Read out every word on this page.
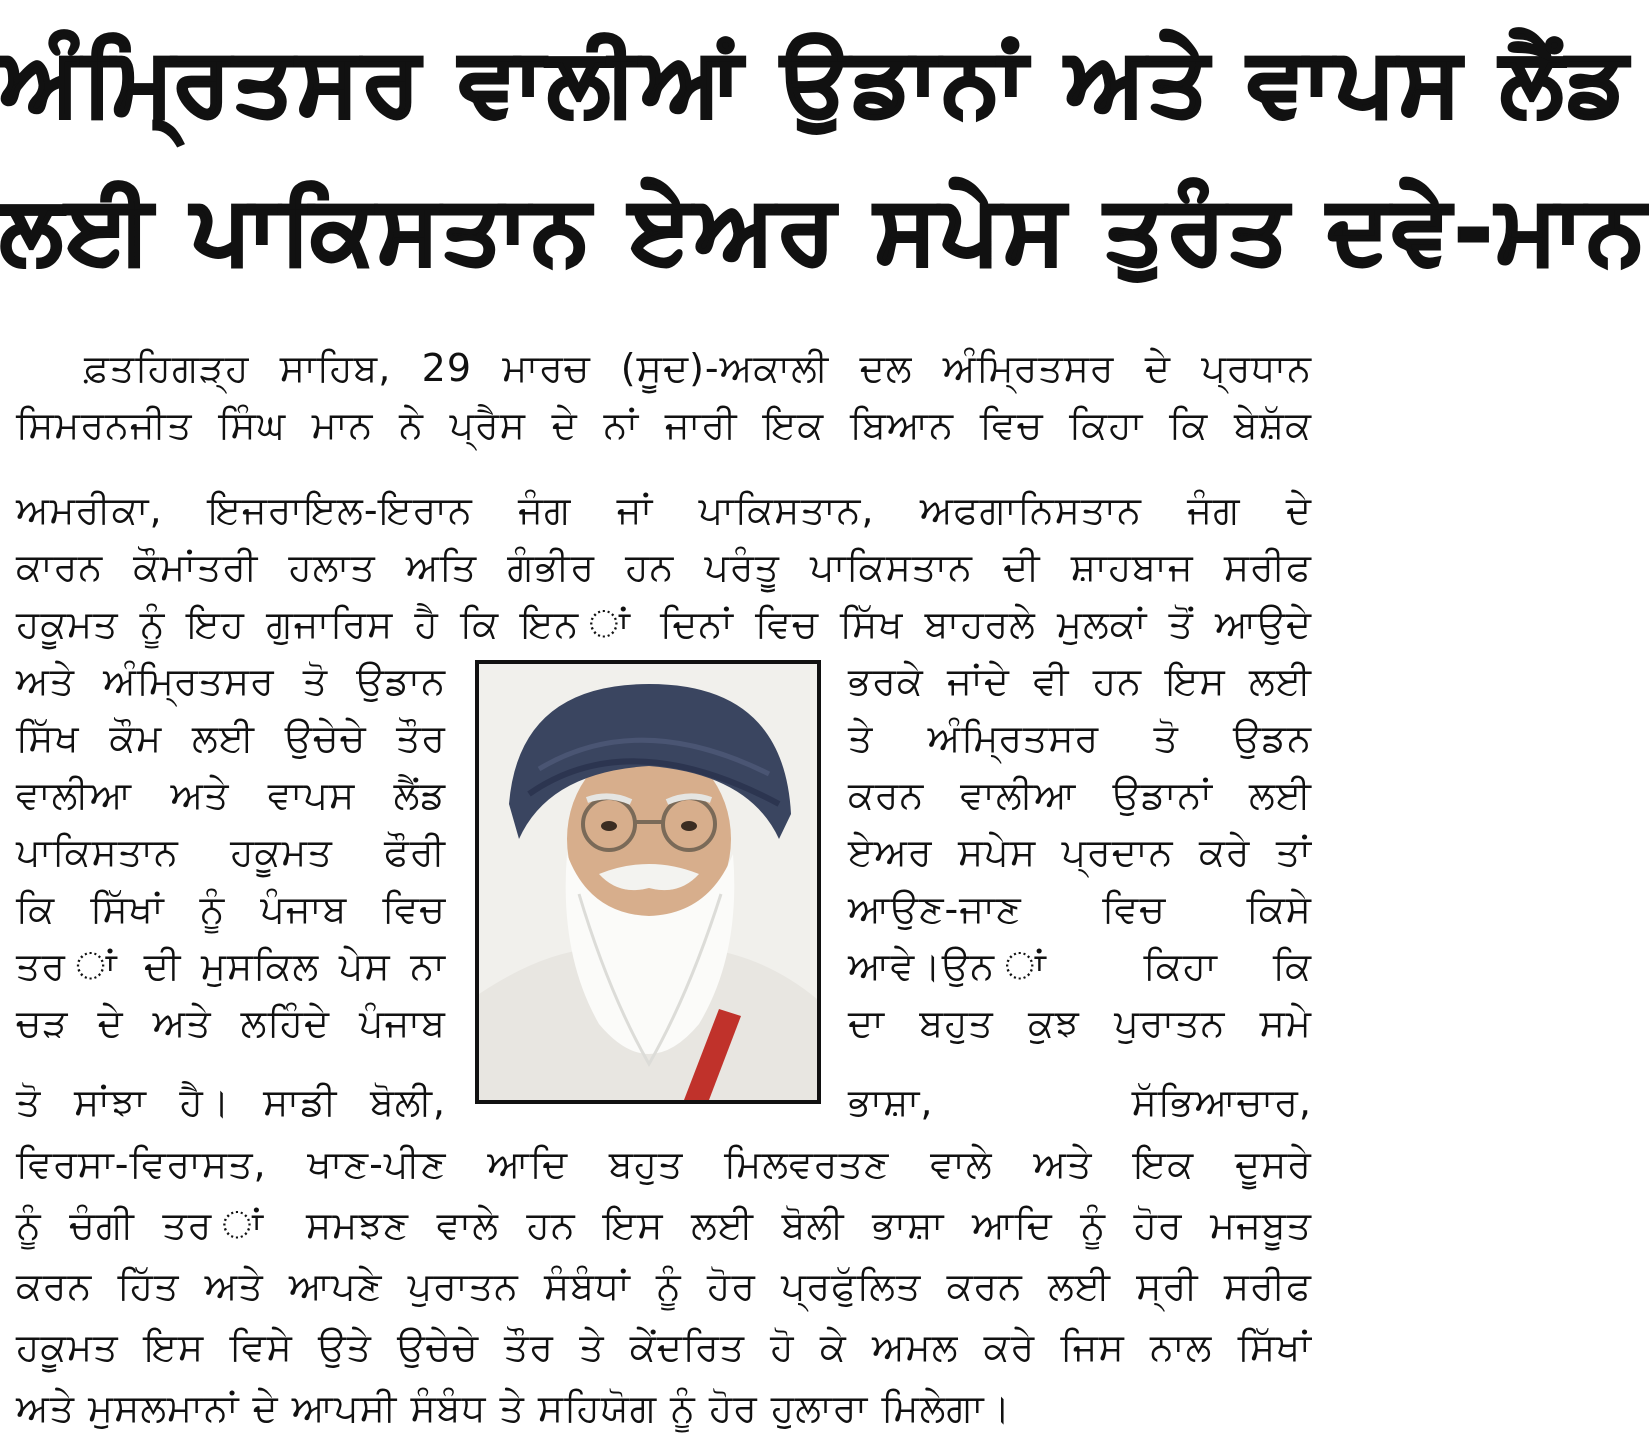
ਅੰਮ੍ਰਿਤਸਰ ਵਾਲੀਆਂ ਉਡਾਨਾਂ ਅਤੇ ਵਾਪਸ ਲੈਂਡ
ਲਈ ਪਾਕਿਸਤਾਨ ਏਅਰ ਸਪੇਸ ਤੁਰੰਤ ਦਵੇ-ਮਾਨ
ਫ਼ਤਹਿਗੜ੍ਹ ਸਾਹਿਬ, 29 ਮਾਰਚ (ਸੂਦ)-ਅਕਾਲੀ ਦਲ ਅੰਮ੍ਰਿਤਸਰ ਦੇ ਪ੍ਰਧਾਨ
ਸਿਮਰਨਜੀਤ ਸਿੰਘ ਮਾਨ ਨੇ ਪ੍ਰੈਸ ਦੇ ਨਾਂ ਜਾਰੀ ਇਕ ਬਿਆਨ ਵਿਚ ਕਿਹਾ ਕਿ ਬੇਸ਼ੱਕ
ਅਮਰੀਕਾ, ਇਜਰਾਇਲ-ਇਰਾਨ ਜੰਗ ਜਾਂ ਪਾਕਿਸਤਾਨ, ਅਫਗਾਨਿਸਤਾਨ ਜੰਗ ਦੇ
ਕਾਰਨ ਕੌਮਾਂਤਰੀ ਹਲਾਤ ਅਤਿ ਗੰਭੀਰ ਹਨ ਪਰੰਤੂ ਪਾਕਿਸਤਾਨ ਦੀ ਸ਼ਾਹਬਾਜ ਸਰੀਫ
ਹਕੂਮਤ ਨੂੰ ਇਹ ਗੁਜਾਰਿਸ ਹੈ ਕਿ ਇਨ ਾਂ ਦਿਨਾਂ ਵਿਚ ਸਿੱਖ ਬਾਹਰਲੇ ਮੁਲਕਾਂ ਤੋਂ ਆਉਦੇ
ਅਤੇ ਅੰਮ੍ਰਿਤਸਰ ਤੋ ਉਡਾਨ
ਸਿੱਖ ਕੌਮ ਲਈ ਉਚੇਚੇ ਤੌਰ
ਵਾਲੀਆ ਅਤੇ ਵਾਪਸ ਲੈਂਡ
ਪਾਕਿਸਤਾਨ ਹਕੂਮਤ ਫੌਰੀ
ਕਿ ਸਿੱਖਾਂ ਨੂੰ ਪੰਜਾਬ ਵਿਚ
ਤਰ ਾਂ ਦੀ ਮੁਸਕਿਲ ਪੇਸ ਨਾ
ਚੜ ਦੇ ਅਤੇ ਲਹਿੰਦੇ ਪੰਜਾਬ
ਤੋ ਸਾਂਝਾ ਹੈ। ਸਾਡੀ ਬੋਲੀ,
ਭਰਕੇ ਜਾਂਦੇ ਵੀ ਹਨ ਇਸ ਲਈ
ਤੇ ਅੰਮ੍ਰਿਤਸਰ ਤੋ ਉਡਨ
ਕਰਨ ਵਾਲੀਆ ਉਡਾਨਾਂ ਲਈ
ਏਅਰ ਸਪੇਸ ਪ੍ਰਦਾਨ ਕਰੇ ਤਾਂ
ਆਉਣ-ਜਾਣ ਵਿਚ ਕਿਸੇ
ਆਵੇ।ਉਨ ਾਂ ਕਿਹਾ ਕਿ
ਦਾ ਬਹੁਤ ਕੁਝ ਪੁਰਾਤਨ ਸਮੇ
ਭਾਸ਼ਾ, ਸੱਭਿਆਚਾਰ,
ਵਿਰਸਾ-ਵਿਰਾਸਤ, ਖਾਣ-ਪੀਣ ਆਦਿ ਬਹੁਤ ਮਿਲਵਰਤਣ ਵਾਲੇ ਅਤੇ ਇਕ ਦੂਸਰੇ
ਨੂੰ ਚੰਗੀ ਤਰ ਾਂ ਸਮਝਣ ਵਾਲੇ ਹਨ ਇਸ ਲਈ ਬੋਲੀ ਭਾਸ਼ਾ ਆਦਿ ਨੂੰ ਹੋਰ ਮਜਬੂਤ
ਕਰਨ ਹਿੱਤ ਅਤੇ ਆਪਣੇ ਪੁਰਾਤਨ ਸੰਬੰਧਾਂ ਨੂੰ ਹੋਰ ਪ੍ਰਫੁੱਲਿਤ ਕਰਨ ਲਈ ਸ੍ਰੀ ਸਰੀਫ
ਹਕੂਮਤ ਇਸ ਵਿਸੇ ਉਤੇ ਉਚੇਚੇ ਤੌਰ ਤੇ ਕੇਂਦਰਿਤ ਹੋ ਕੇ ਅਮਲ ਕਰੇ ਜਿਸ ਨਾਲ ਸਿੱਖਾਂ
ਅਤੇ ਮੁਸਲਮਾਨਾਂ ਦੇ ਆਪਸੀ ਸੰਬੰਧ ਤੇ ਸਹਿਯੋਗ ਨੂੰ ਹੋਰ ਹੁਲਾਰਾ ਮਿਲੇਗਾ।
